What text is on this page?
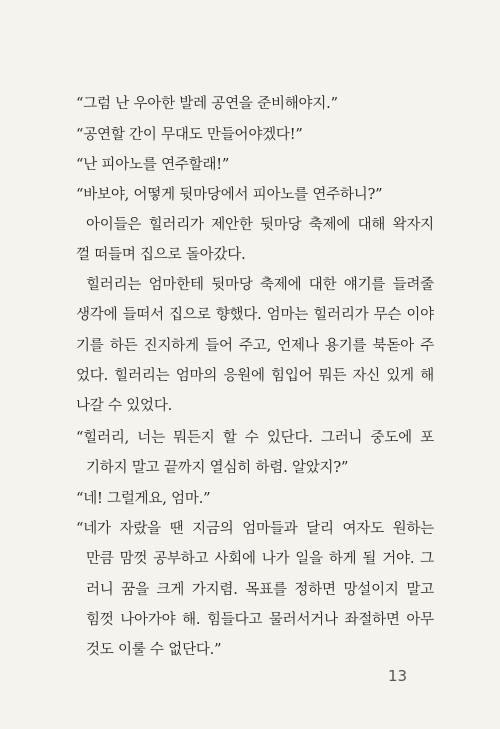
“그럼 난 우아한 발레 공연을 준비해야지.”
“공연할 간이 무대도 만들어야겠다!”
“난 피아노를 연주할래!”
“바보야, 어떻게 뒷마당에서 피아노를 연주하니?”
아이들은 힐러리가 제안한 뒷마당 축제에 대해 왁자지
껄 떠들며 집으로 돌아갔다.
힐러리는 엄마한테 뒷마당 축제에 대한 얘기를 들려줄
생각에 들떠서 집으로 향했다. 엄마는 힐러리가 무슨 이야
기를 하든 진지하게 들어 주고, 언제나 용기를 북돋아 주
었다. 힐러리는 엄마의 응원에 힘입어 뭐든 자신 있게 해
나갈 수 있었다.
“힐러리, 너는 뭐든지 할 수 있단다. 그러니 중도에 포
기하지 말고 끝까지 열심히 하렴. 알았지?”
“네! 그럴게요, 엄마.”
“네가 자랐을 땐 지금의 엄마들과 달리 여자도 원하는
만큼 맘껏 공부하고 사회에 나가 일을 하게 될 거야. 그
러니 꿈을 크게 가지렴. 목표를 정하면 망설이지 말고
힘껏 나아가야 해. 힘들다고 물러서거나 좌절하면 아무
것도 이룰 수 없단다.”
13
